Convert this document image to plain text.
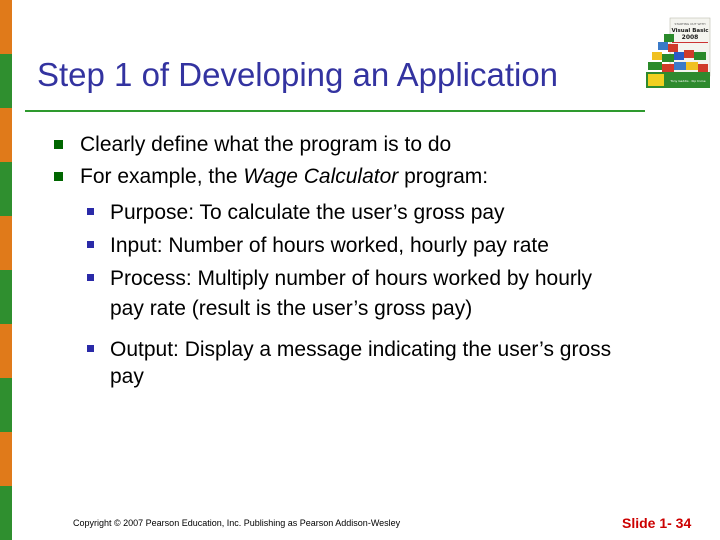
Step 1 of Developing an Application
STARTING OUT WITH
Visual Basic
2008
Tony Gaddis · Kip Irvine
Clearly define what the program is to do
For example, the Wage Calculator program:
Purpose: To calculate the user’s gross pay
Input: Number of hours worked, hourly pay rate
Process: Multiply number of hours worked by hourly
pay rate (result is the user’s gross pay)
Output: Display a message indicating the user’s gross
pay
Copyright © 2007 Pearson Education, Inc. Publishing as Pearson Addison-Wesley	Slide 1- 34
